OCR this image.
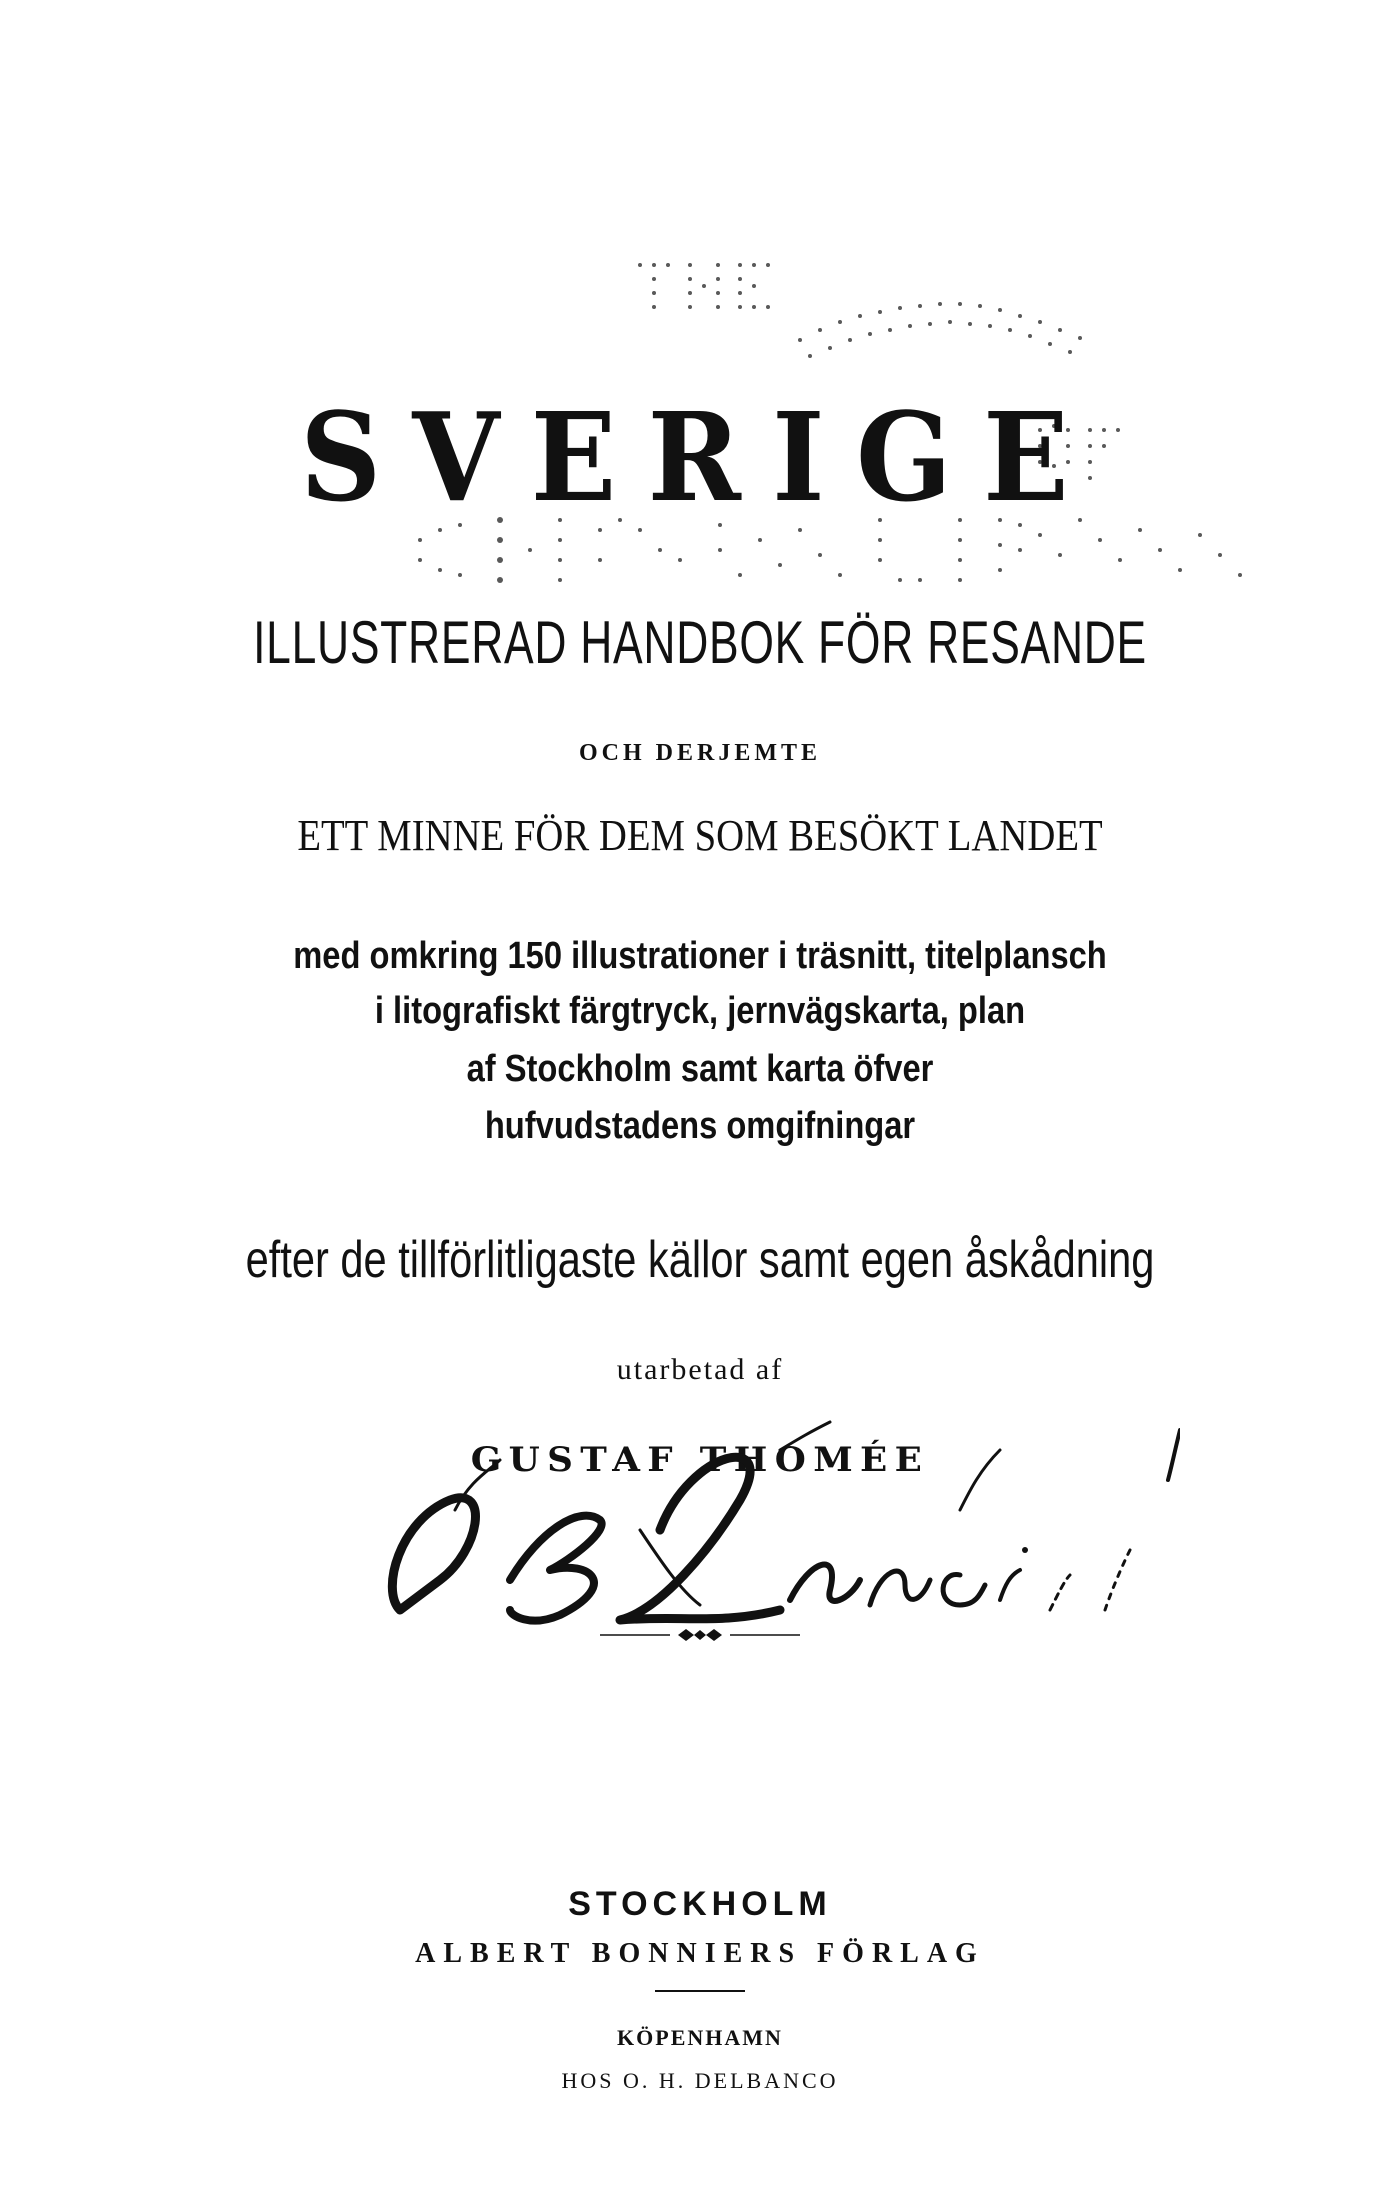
SVERIGE
ILLUSTRERAD HANDBOK FÖR RESANDE
OCH DERJEMTE
ETT MINNE FÖR DEM SOM BESÖKT LANDET
med omkring 150 illustrationer i träsnitt, titelplansch
i litografiskt färgtryck, jernvägskarta, plan
af Stockholm samt karta öfver
hufvudstadens omgifningar
efter de tillförlitligaste källor samt egen åskådning
utarbetad af
GUSTAF THOMÉE
STOCKHOLM
ALBERT BONNIERS FÖRLAG
KÖPENHAMN
HOS O. H. DELBANCO
